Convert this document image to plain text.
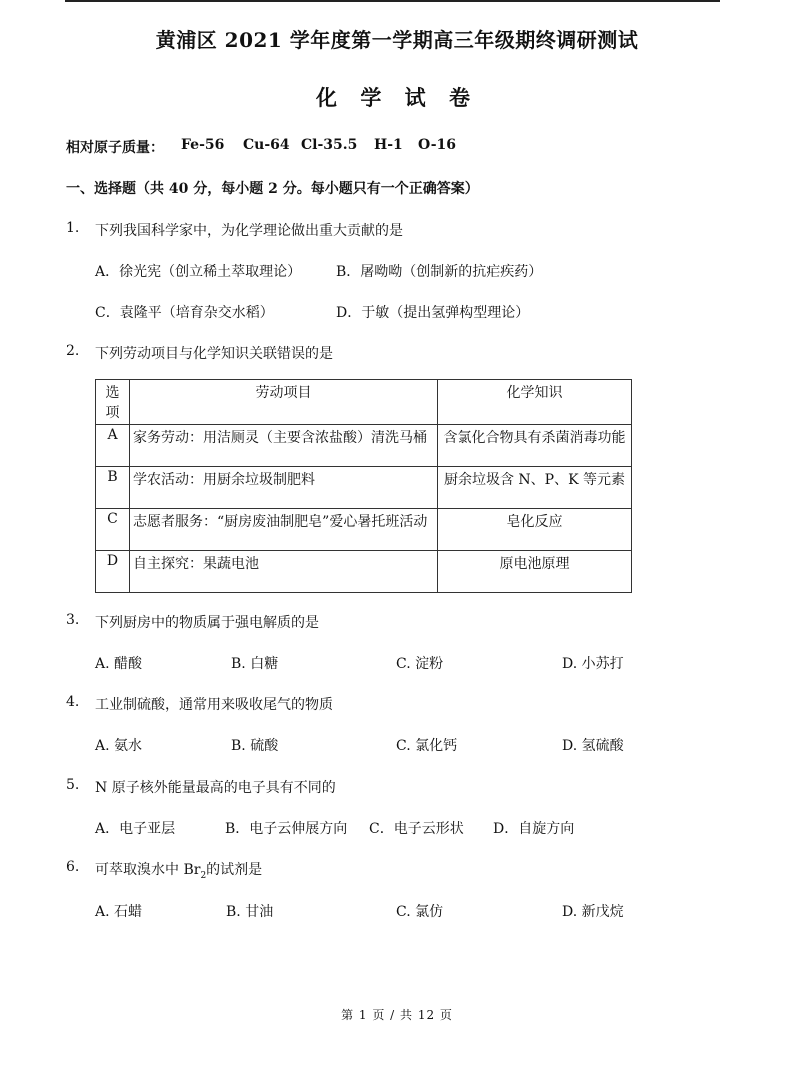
黄浦区 2021 学年度第一学期高三年级期终调研测试
化 学 试 卷
相对原子质量： Fe-56 Cu-64 Cl-35.5 H-1 O-16
一、选择题（共 40 分，每小题 2 分。每小题只有一个正确答案）
1. 下列我国科学家中，为化学理论做出重大贡献的是
A．徐光宪（创立稀土萃取理论） B．屠呦呦（创制新的抗疟疾药）
C．袁隆平（培育杂交水稻）	D．于敏（提出氢弹构型理论）
2. 下列劳动项目与化学知识关联错误的是
选项	劳动项目	化学知识
A	家务劳动：用洁厕灵（主要含浓盐酸）清洗马桶	含氯化合物具有杀菌消毒功能
B	学农活动：用厨余垃圾制肥料	厨余垃圾含 N、P、K 等元素
C	志愿者服务：“厨房废油制肥皂”爱心暑托班活动	皂化反应
D	自主探究：果蔬电池	原电池原理
3. 下列厨房中的物质属于强电解质的是
A. 醋酸	B. 白糖	C. 淀粉	D. 小苏打
4. 工业制硫酸，通常用来吸收尾气的物质
A. 氨水	B. 硫酸	C. 氯化钙	D. 氢硫酸
5. N 原子核外能量最高的电子具有不同的
A．电子亚层	B．电子云伸展方向 C．电子云形状 D．自旋方向
6. 可萃取溴水中 $Br_2$的试剂是
A. 石蜡	B. 甘油	C. 氯仿	D. 新戊烷
第 1 页 / 共 12 页
